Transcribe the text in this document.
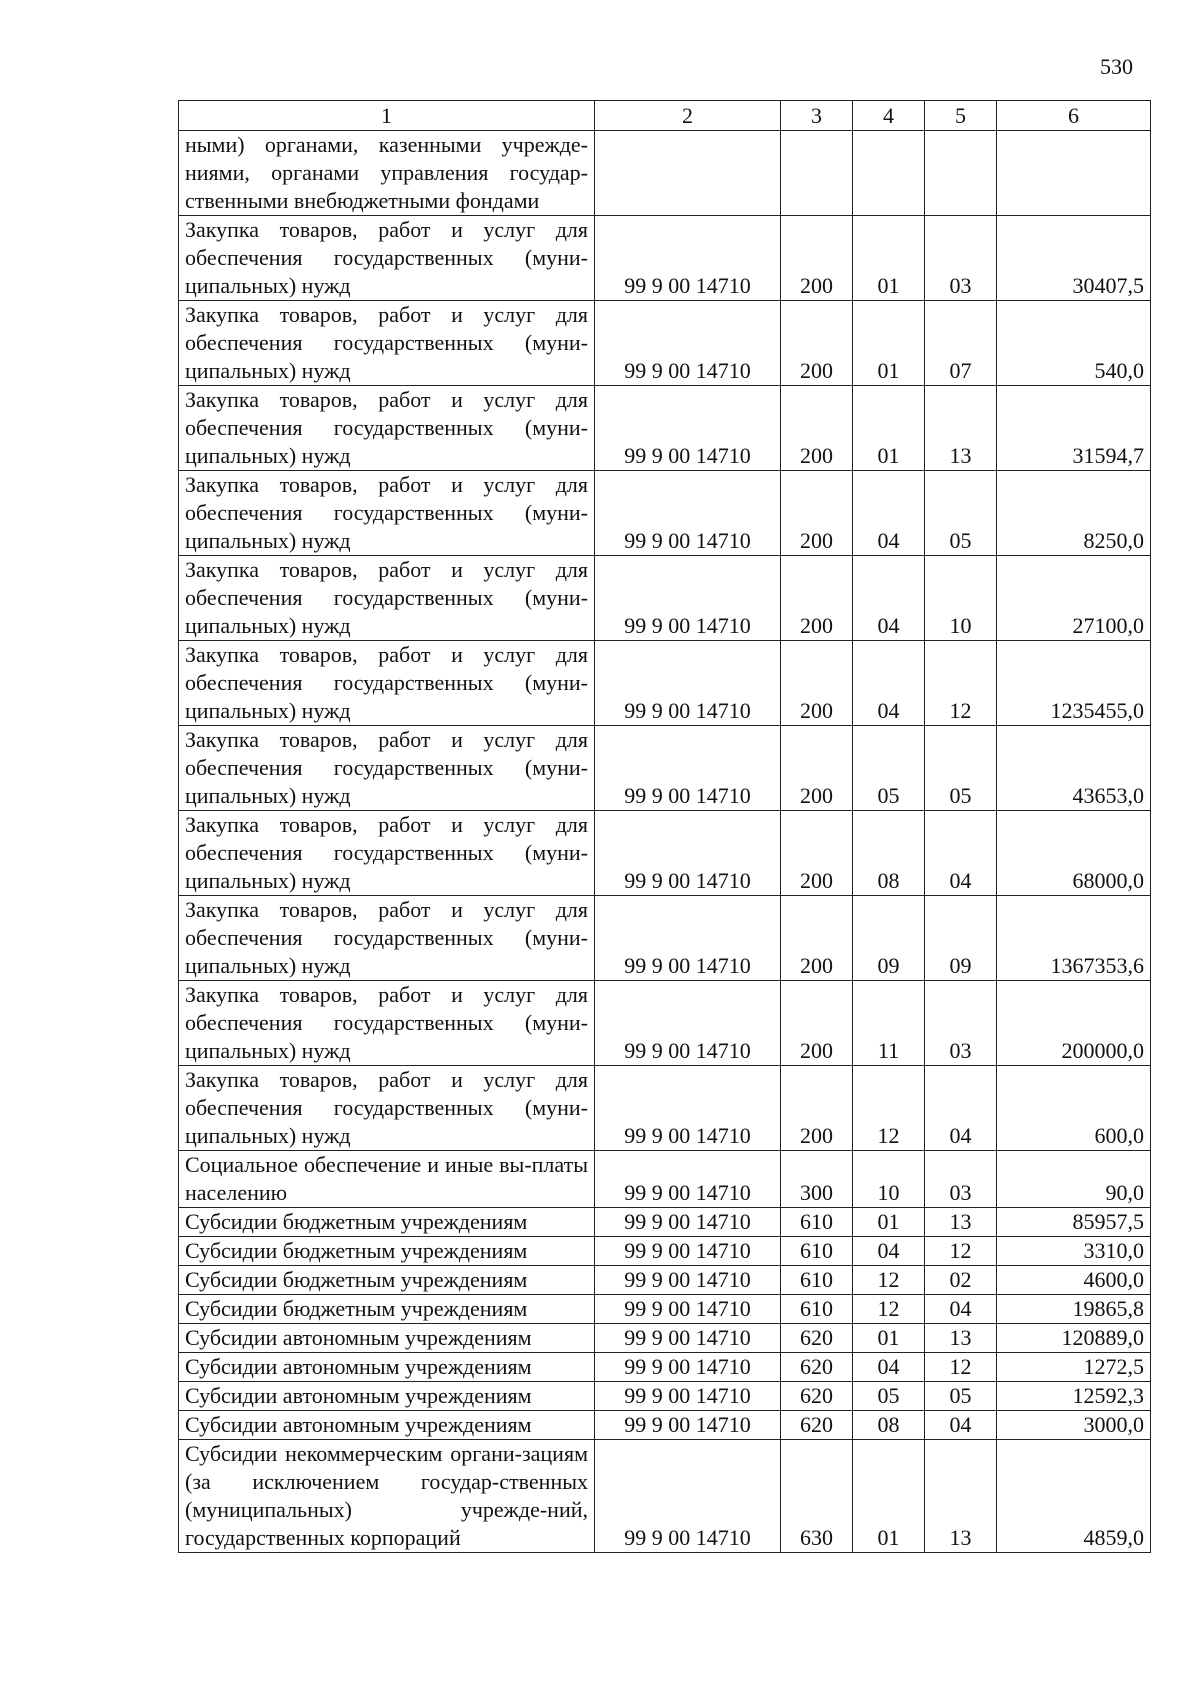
530
1	2	3	4	5	6
ными) органами, казенными учрежде-ниями, органами управления государ-ственными внебюджетными фондами					
Закупка товаров, работ и услуг для обеспечения государственных (муни-ципальных) нужд	99 9 00 14710	200	01	03	30407,5
Закупка товаров, работ и услуг для обеспечения государственных (муни-ципальных) нужд	99 9 00 14710	200	01	07	540,0
Закупка товаров, работ и услуг для обеспечения государственных (муни-ципальных) нужд	99 9 00 14710	200	01	13	31594,7
Закупка товаров, работ и услуг для обеспечения государственных (муни-ципальных) нужд	99 9 00 14710	200	04	05	8250,0
Закупка товаров, работ и услуг для обеспечения государственных (муни-ципальных) нужд	99 9 00 14710	200	04	10	27100,0
Закупка товаров, работ и услуг для обеспечения государственных (муни-ципальных) нужд	99 9 00 14710	200	04	12	1235455,0
Закупка товаров, работ и услуг для обеспечения государственных (муни-ципальных) нужд	99 9 00 14710	200	05	05	43653,0
Закупка товаров, работ и услуг для обеспечения государственных (муни-ципальных) нужд	99 9 00 14710	200	08	04	68000,0
Закупка товаров, работ и услуг для обеспечения государственных (муни-ципальных) нужд	99 9 00 14710	200	09	09	1367353,6
Закупка товаров, работ и услуг для обеспечения государственных (муни-ципальных) нужд	99 9 00 14710	200	11	03	200000,0
Закупка товаров, работ и услуг для обеспечения государственных (муни-ципальных) нужд	99 9 00 14710	200	12	04	600,0
Социальное обеспечение и иные вы-платы населению	99 9 00 14710	300	10	03	90,0
Субсидии бюджетным учреждениям	99 9 00 14710	610	01	13	85957,5
Субсидии бюджетным учреждениям	99 9 00 14710	610	04	12	3310,0
Субсидии бюджетным учреждениям	99 9 00 14710	610	12	02	4600,0
Субсидии бюджетным учреждениям	99 9 00 14710	610	12	04	19865,8
Субсидии автономным учреждениям	99 9 00 14710	620	01	13	120889,0
Субсидии автономным учреждениям	99 9 00 14710	620	04	12	1272,5
Субсидии автономным учреждениям	99 9 00 14710	620	05	05	12592,3
Субсидии автономным учреждениям	99 9 00 14710	620	08	04	3000,0
Субсидии некоммерческим органи-зациям (за исключением государ-ственных (муниципальных) учрежде-ний, государственных корпораций	99 9 00 14710	630	01	13	4859,0
